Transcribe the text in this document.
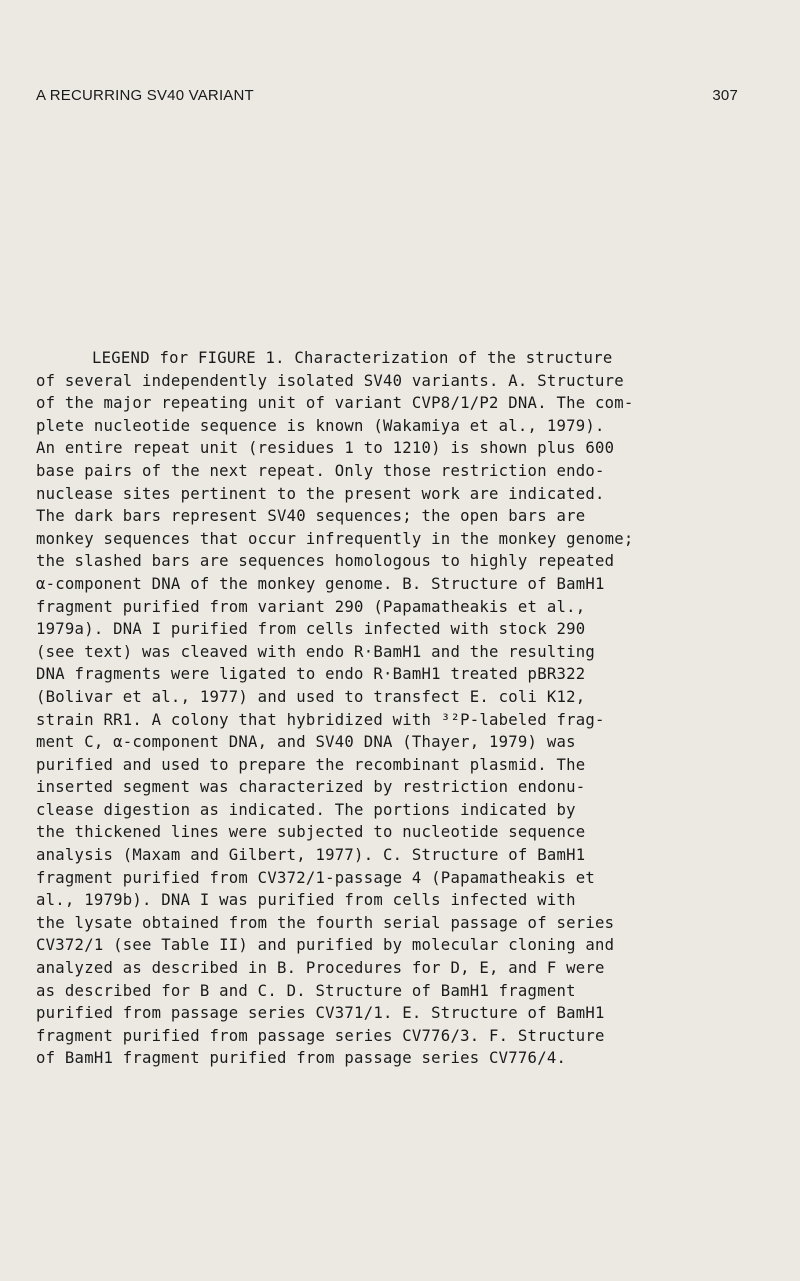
A RECURRING SV40 VARIANT	307
LEGEND for FIGURE 1. Characterization of the structure
of several independently isolated SV40 variants. A. Structure
of the major repeating unit of variant CVP8/1/P2 DNA. The com-
plete nucleotide sequence is known (Wakamiya et al., 1979).
An entire repeat unit (residues 1 to 1210) is shown plus 600
base pairs of the next repeat. Only those restriction endo-
nuclease sites pertinent to the present work are indicated.
The dark bars represent SV40 sequences; the open bars are
monkey sequences that occur infrequently in the monkey genome;
the slashed bars are sequences homologous to highly repeated
α-component DNA of the monkey genome. B. Structure of BamH1
fragment purified from variant 290 (Papamatheakis et al.,
1979a). DNA I purified from cells infected with stock 290
(see text) was cleaved with endo R·BamH1 and the resulting
DNA fragments were ligated to endo R·BamH1 treated pBR322
(Bolivar et al., 1977) and used to transfect E. coli K12,
strain RR1. A colony that hybridized with ³²P-labeled frag-
ment C, α-component DNA, and SV40 DNA (Thayer, 1979) was
purified and used to prepare the recombinant plasmid. The
inserted segment was characterized by restriction endonu-
clease digestion as indicated. The portions indicated by
the thickened lines were subjected to nucleotide sequence
analysis (Maxam and Gilbert, 1977). C. Structure of BamH1
fragment purified from CV372/1-passage 4 (Papamatheakis et
al., 1979b). DNA I was purified from cells infected with
the lysate obtained from the fourth serial passage of series
CV372/1 (see Table II) and purified by molecular cloning and
analyzed as described in B. Procedures for D, E, and F were
as described for B and C. D. Structure of BamH1 fragment
purified from passage series CV371/1. E. Structure of BamH1
fragment purified from passage series CV776/3. F. Structure
of BamH1 fragment purified from passage series CV776/4.
